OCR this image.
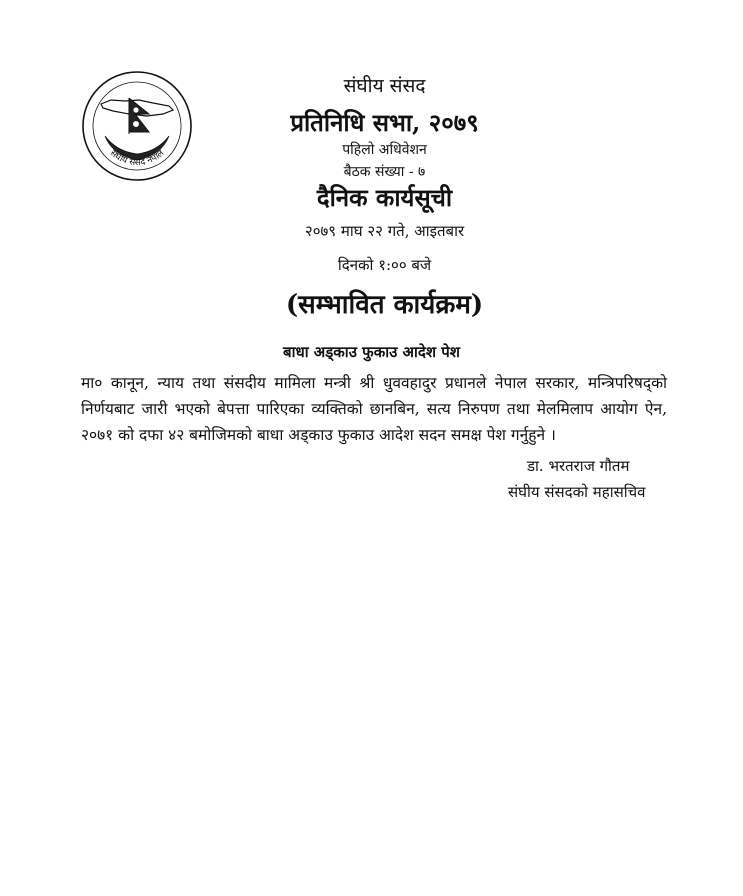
संघीय संसद नेपाल
संघीय संसद
प्रतिनिधि सभा, २०७९
पहिलो अधिवेशन
बैठक संख्या - ७
दैनिक कार्यसूची
२०७९ माघ २२ गते, आइतबार
दिनको १:०० बजे
(सम्भावित कार्यक्रम)
बाधा अड्काउ फुकाउ आदेश पेश
मा० कानून, न्याय तथा संसदीय मामिला मन्त्री श्री धुववहादुर प्रधानले नेपाल सरकार, मन्त्रिपरिषद्को निर्णयबाट जारी भएको बेपत्ता पारिएका व्यक्तिको छानबिन, सत्य निरुपण तथा मेलमिलाप आयोग ऐन, २०७१ को दफा ४२ बमोजिमको बाधा अड्काउ फुकाउ आदेश सदन समक्ष पेश गर्नुहुने ।
डा. भरतराज गौतम
संघीय संसदको महासचिव
